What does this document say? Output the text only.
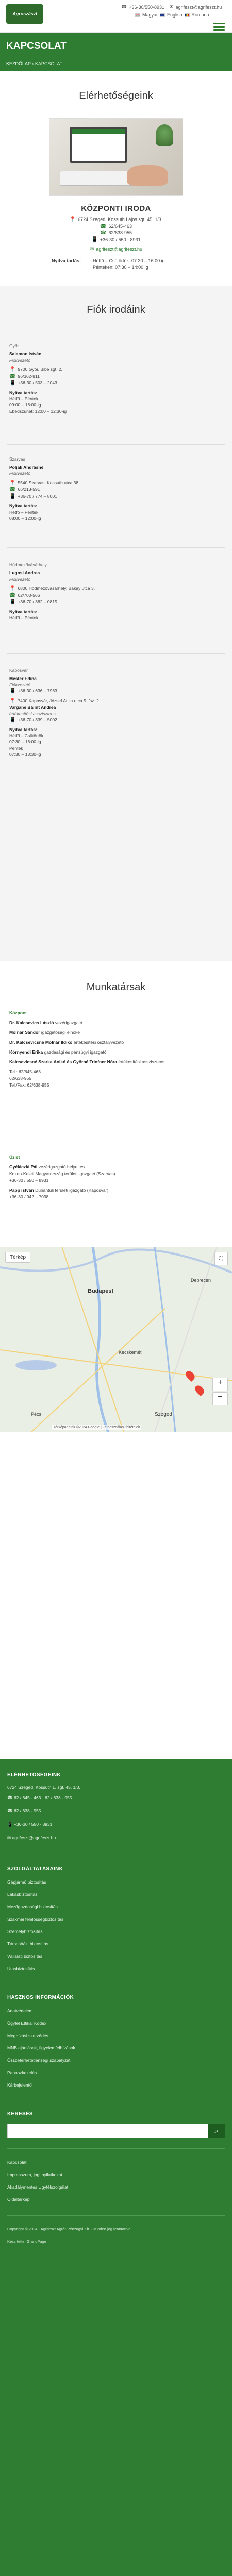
Agroszászl
☎ +36-30/550-8931 ✉ agrifeszt@agrifeszt.hu
Magyar English Romana
KAPCSOLAT
KEZDŐLAP › KAPCSOLAT
Elérhetőségeink
KÖZPONTI IRODA
📍 6724 Szeged, Kossuth Lajos sgt. 45. 1/3.
☎ 62/645-463
☎ 62/638-955
📱 +36-30 / 550 - 8931
✉ agrifeszt@agrifeszt.hu
Nyitva tartás:	Hétfő – Csütörtök: 07:30 – 16:00 ig
Pénteken: 07:30 – 14:00 ig
Fiók irodáink
Győr
Salamon István
Fiókvezető
📍 9700 Győr, Bibe sgt. 2.
☎ 96/362-811
📱 +36-30 / 503 – 2043
Nyitva tartás:
Hétfő – Péntek
09:00 – 16:00-ig
Ebédszünet: 12:00 – 12:30-ig
Szarvas
Poljak Andrásné
Fiókvezető
📍 5540 Szarvas, Kossuth utca 38.
☎ 66/213-591
📱 +36-70 / 774 – 8001
Nyitva tartás:
Hétfő – Péntek
08:00 – 12:00-ig
Hódmezővásárhely
Lugosi Andrea
Fiókvezető
📍 6800 Hódmezővásárhely, Bakay utca 3.
☎ 62/700-566
📱 +36-70 / 382 – 0815
Nyitva tartás:
Hétfő – Péntek
Kaposvár
Mester Edina
Fiókvezető
📱 +36-30 / 636 – 7963
📍 7400 Kaposvár, József Attila utca 5. fsz. 2.
Vargáné Bálint Andrea
értékesítési asszisztens
📱 +36-70 / 339 – 5002
Nyitva tartás:
Hétfő – Csütörtök
07:30 – 16:00-ig
Péntek
07:30 – 13:30-ig
Munkatársak
Központ
Dr. Kalcsevics László vezérigazgató
Molnár Sándor igazgatósági elnöke
Dr. Kalcsevicsné Molnár Ildikó értékesítési osztályvezető
Környendi Erika gazdasági és pénzügyi igazgató
Kalcsevicsné Szarka Anikó és Győrné Trinfner Nóra értékesítési asszisztens
Tel.: 62/645-463
62/638-955
Tel./Fax: 62/638-955
Üzlet
Gyékiczki Pál vezérigazgató helyettes
Kozep-Keleti Magyarország területi igazgató (Szarvas)
+36-30 / 550 – 8931
Papp István Dunántúli területi igazgató (Kaposvár)
+36-30 / 942 – 7038
Térkép	⛶
Budapest
Kecskemét
Szeged
Debrecen
Pécs
+
−
Térképadatok ©2024 Google | Felhasználási feltételek
ELÉRHETŐSÉGEINK
6724 Szeged, Kossuth L. sgt. 45. 1/3.
☎ 62 / 645 - 463 · 62 / 638 - 955
☎ 62 / 638 - 955
📱 +36-30 / 550 - 8931
✉ agrifeszt@agrifeszt.hu
SZOLGÁLTATÁSAINK
Gépjármű biztosítás
Lakásbiztosítás
Mezőgazdasági biztosítás
Szakmai felelősségbiztosítás
Személybiztosítás
Társasházi biztosítás
Vállalati biztosítás
Utasbiztosítás
HASZNOS INFORMÁCIÓK
Adatvédelem
Ügyfél Ettikai Kódex
Megbízási szerződés
MNB ajánlások, figyelemfelhívások
Összeférhetetlenségi szabályzat
Panaszkezelés
Kárbejelentő
KERESÉS
⌕
Kapcsolat
Impresszum, jogi nyilatkozat
Akadálymentes Ügyfélszolgálat
Oldaltérkép
Copyright © 2024 · Agrifeszt Agrár-Pénzügyi Kft. · Minden jog fenntartva
Készítette: GrandPage
